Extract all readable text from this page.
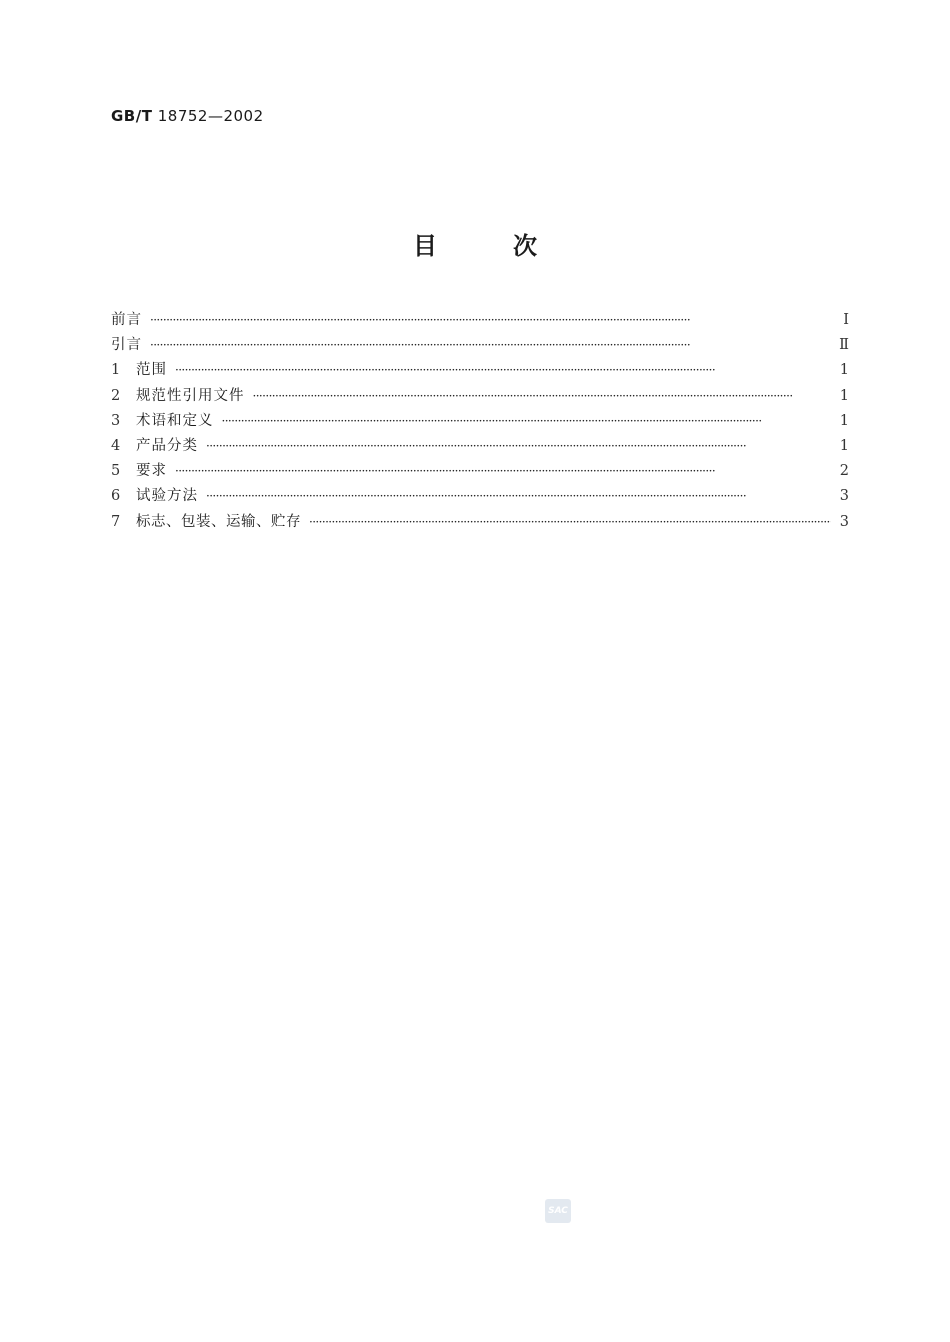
GB/T 18752—2002
目	次
前言 ·····	Ⅰ
引言 ·····	Ⅱ
1	范围 ·····	1
2	规范性引用文件 ·····	1
3	术语和定义 ·····	1
4	产品分类 ·····	1
5	要求 ·····	2
6	试验方法 ·····	3
7	标志、包装、运输、贮存 ·····	3
SAC
